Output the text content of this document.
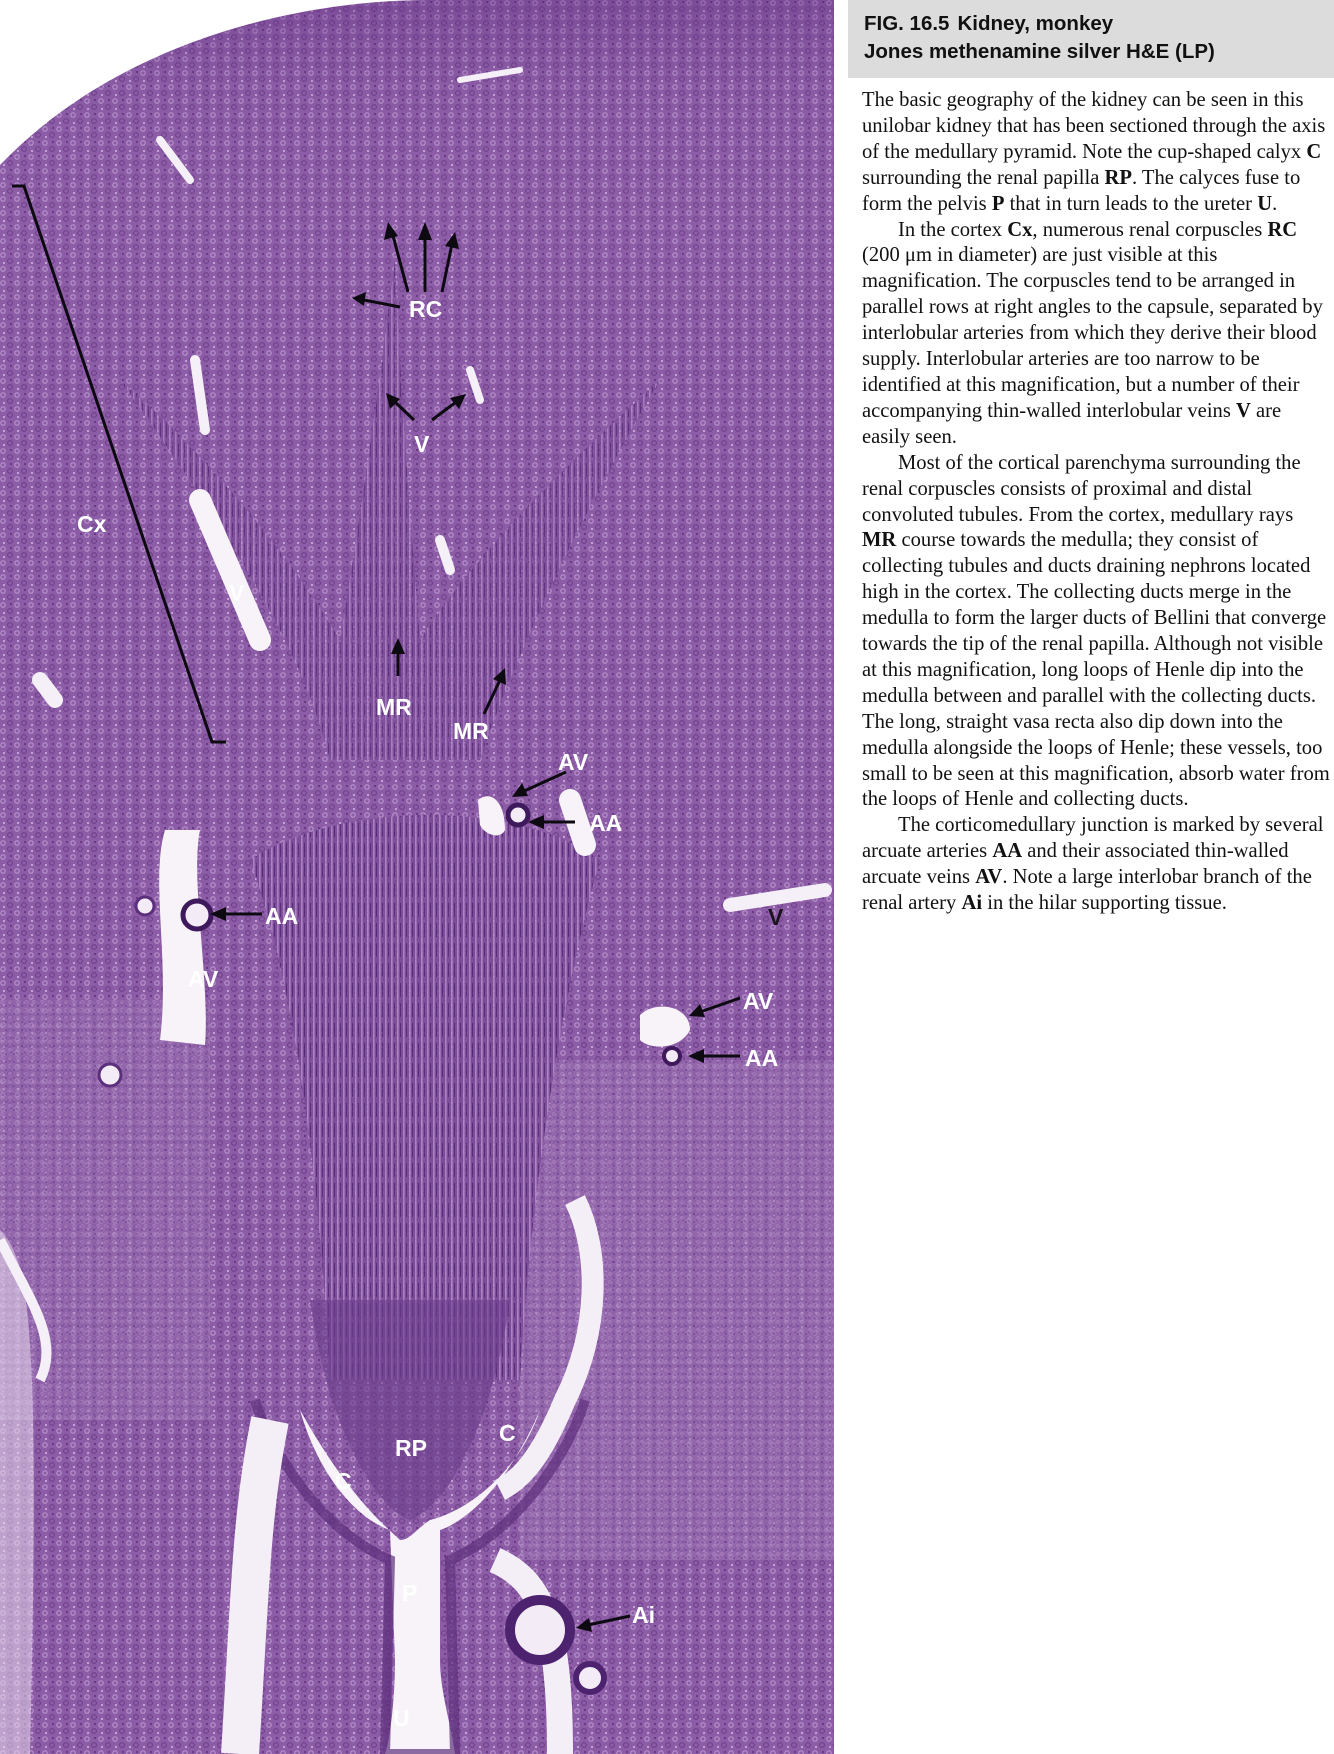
Cx
RC
V
V
V
MR
MR
AV
AA
AA
AV
AV
AA
RP
C
C
P
Ai
U
FIG. 16.5 Kidney, monkey
Jones methenamine silver H&E (LP)

The basic geography of the kidney can be seen in this unilobar kidney that has been sectioned through the axis of the medullary pyramid. Note the cup-shaped calyx C surrounding the renal papilla RP. The calyces fuse to form the pelvis P that in turn leads to the ureter U.

In the cortex Cx, numerous renal corpuscles RC (200 μm in diameter) are just visible at this magnification. The corpuscles tend to be arranged in parallel rows at right angles to the capsule, separated by interlobular arteries from which they derive their blood supply. Interlobular arteries are too narrow to be identified at this magnification, but a number of their accompanying thin-walled interlobular veins V are easily seen.

Most of the cortical parenchyma surrounding the renal corpuscles consists of proximal and distal convoluted tubules. From the cortex, medullary rays MR course towards the medulla; they consist of collecting tubules and ducts draining nephrons located high in the cortex. The collecting ducts merge in the medulla to form the larger ducts of Bellini that converge towards the tip of the renal papilla. Although not visible at this magnification, long loops of Henle dip into the medulla between and parallel with the collecting ducts. The long, straight vasa recta also dip down into the medulla alongside the loops of Henle; these vessels, too small to be seen at this magnification, absorb water from the loops of Henle and collecting ducts.

The corticomedullary junction is marked by several arcuate arteries AA and their associated thin-walled arcuate veins AV. Note a large interlobar branch of the renal artery Ai in the hilar supporting tissue.
